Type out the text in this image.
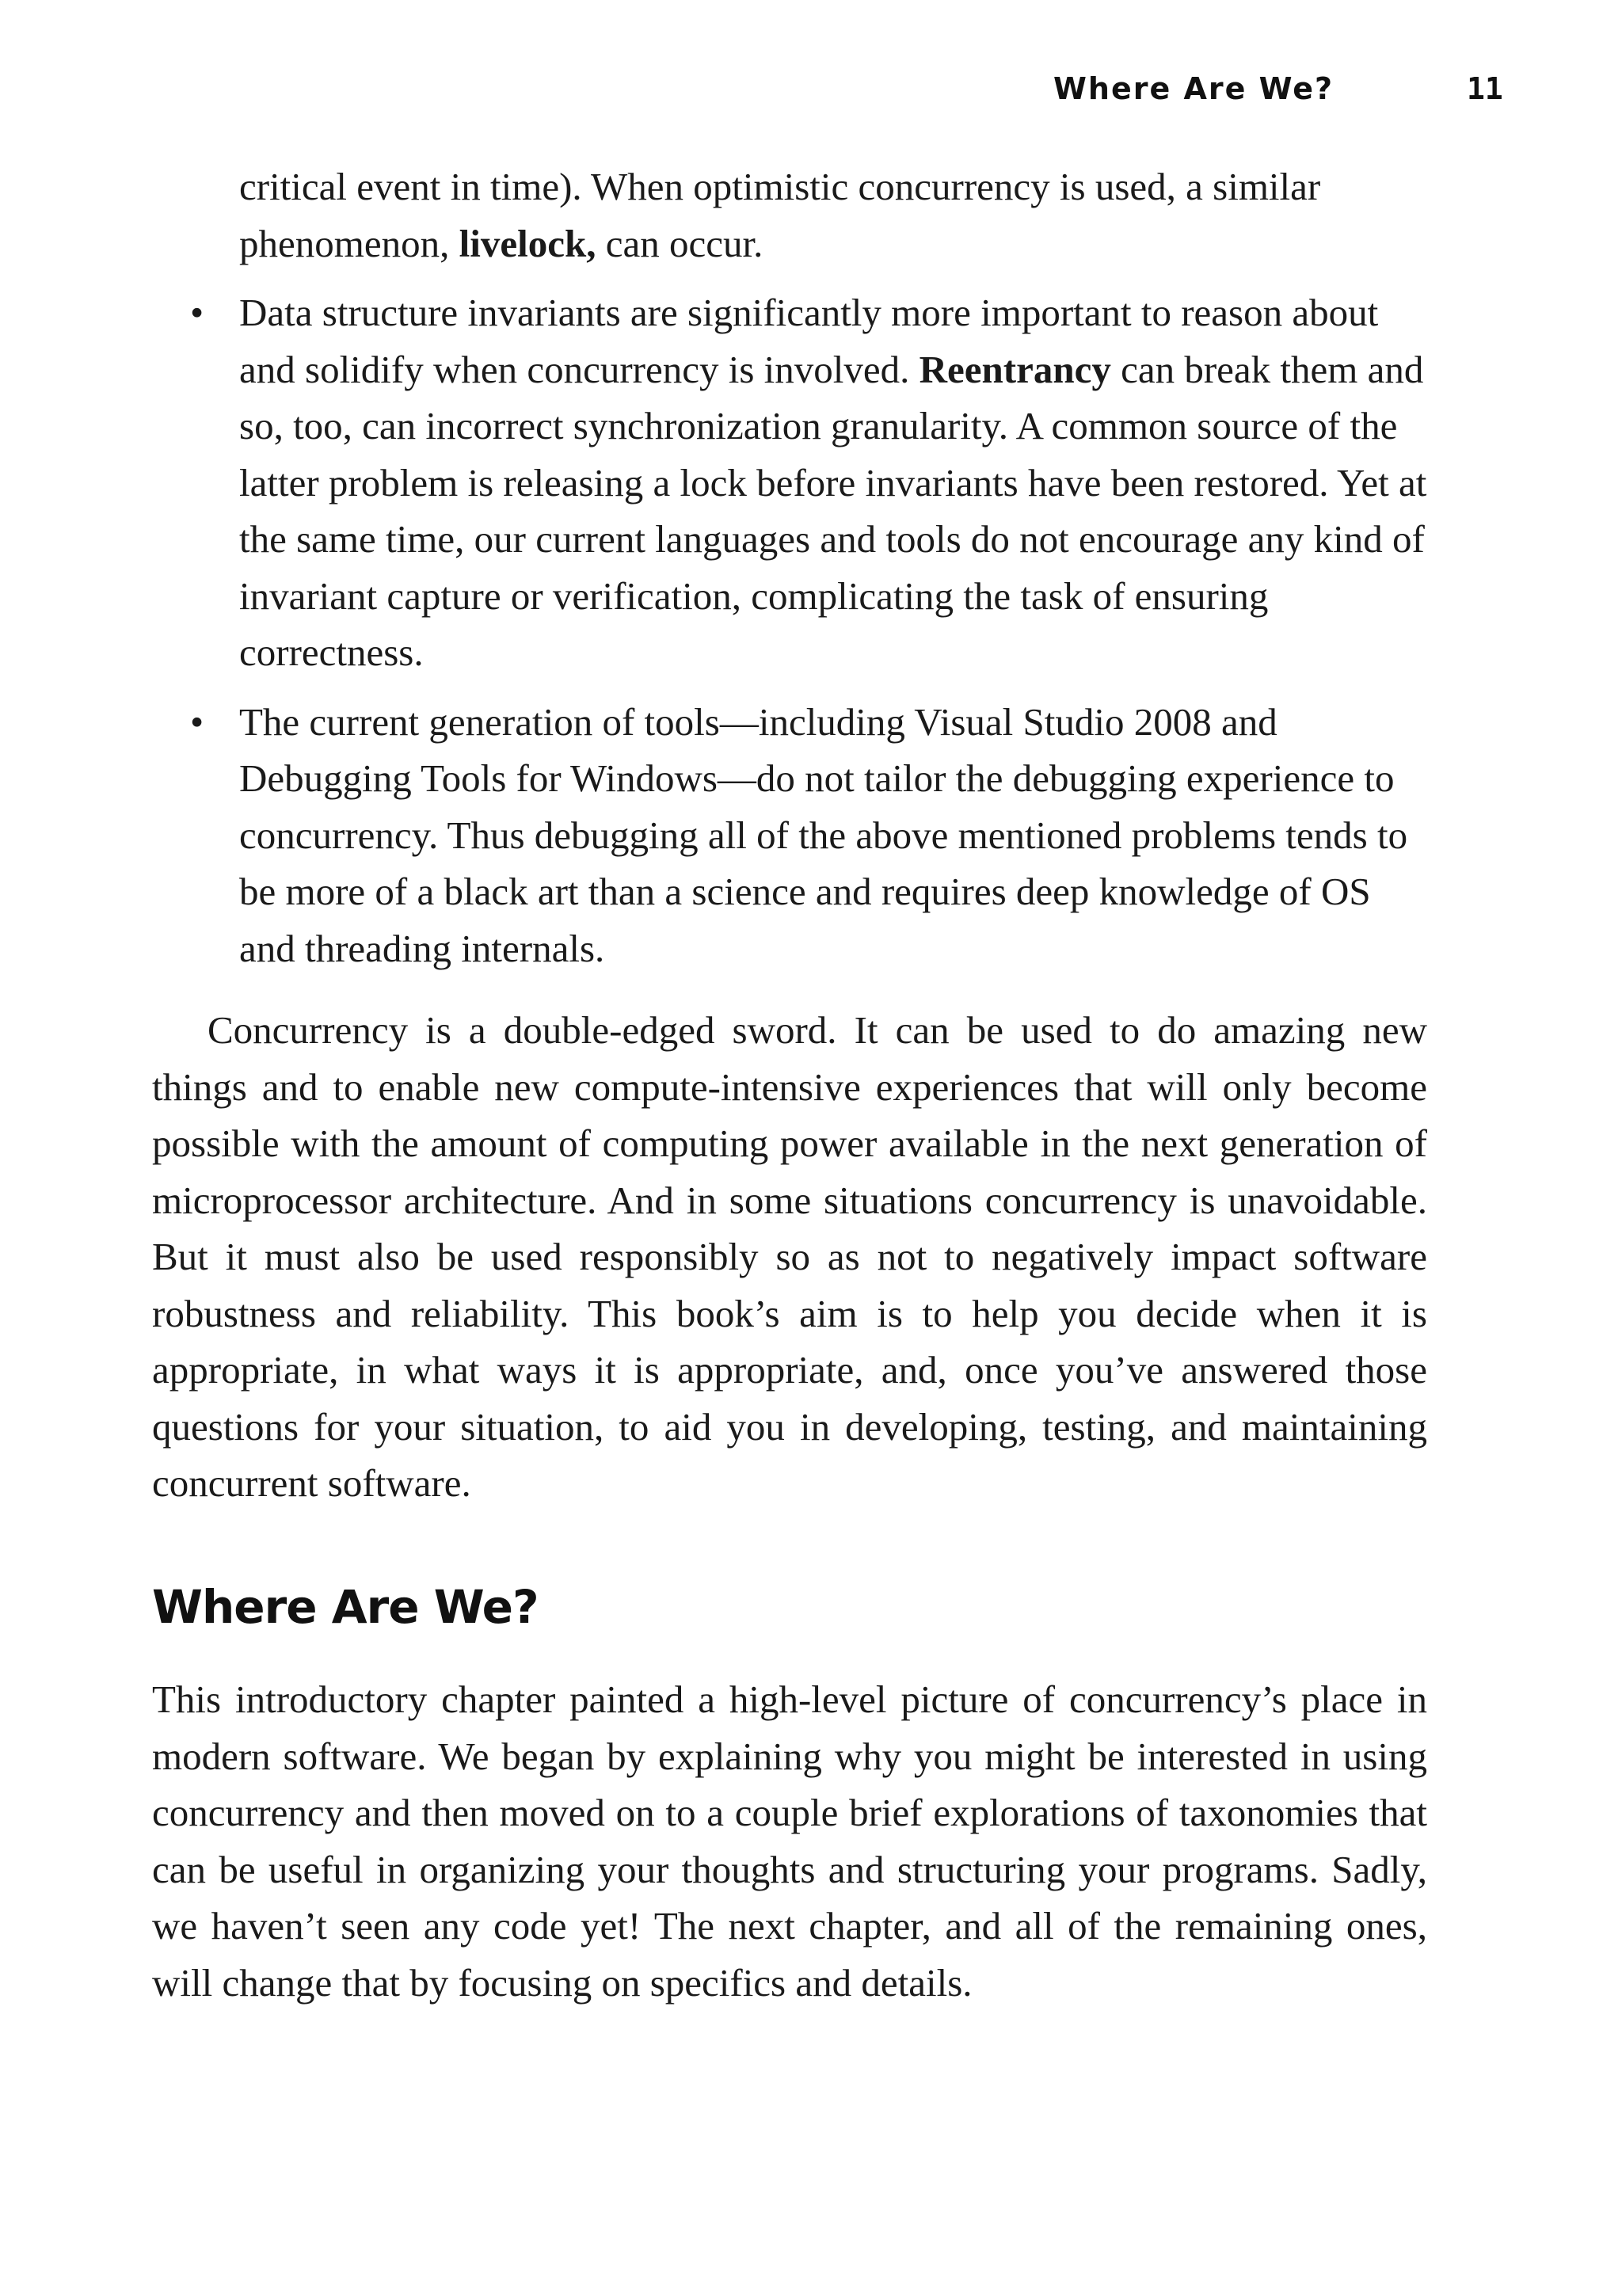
Where Are We?	11
critical event in time). When optimistic concurrency is used, a similar phenomenon, livelock, can occur.
• Data structure invariants are significantly more important to reason about and solidify when concurrency is involved. Reentrancy can break them and so, too, can incorrect synchronization granularity. A common source of the latter problem is releasing a lock before invariants have been restored. Yet at the same time, our current languages and tools do not encourage any kind of invariant capture or verification, complicating the task of ensuring correctness.
• The current generation of tools—including Visual Studio 2008 and Debugging Tools for Windows—do not tailor the debugging experience to concurrency. Thus debugging all of the above mentioned problems tends to be more of a black art than a science and requires deep knowledge of OS and threading internals.

Concurrency is a double-edged sword. It can be used to do amazing new things and to enable new compute-intensive experiences that will only become possible with the amount of computing power available in the next generation of microprocessor architecture. And in some situations concurrency is unavoidable. But it must also be used responsibly so as not to negatively impact software robustness and reliability. This book’s aim is to help you decide when it is appropriate, in what ways it is appropriate, and, once you’ve answered those questions for your situation, to aid you in developing, testing, and maintaining concurrent software.

Where Are We?

This introductory chapter painted a high-level picture of concurrency’s place in modern software. We began by explaining why you might be interested in using concurrency and then moved on to a couple brief explorations of taxonomies that can be useful in organizing your thoughts and structuring your programs. Sadly, we haven’t seen any code yet! The next chapter, and all of the remaining ones, will change that by focusing on specifics and details.
